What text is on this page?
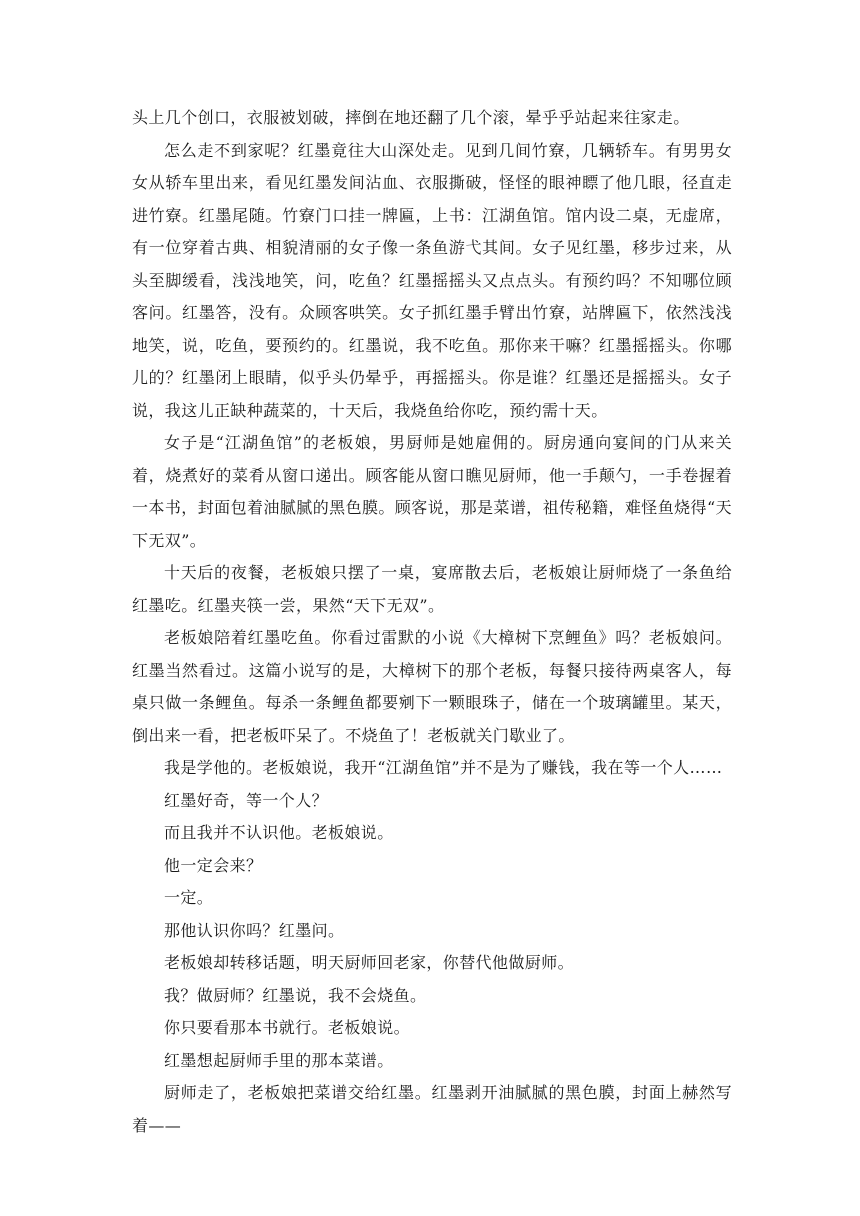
头上几个创口，衣服被划破，摔倒在地还翻了几个滚，晕乎乎站起来往家走。

怎么走不到家呢？红墨竟往大山深处走。见到几间竹寮，几辆轿车。有男男女女从轿车里出来，看见红墨发间沾血、衣服撕破，怪怪的眼神瞟了他几眼，径直走进竹寮。红墨尾随。竹寮门口挂一牌匾，上书：江湖鱼馆。馆内设二桌，无虚席，有一位穿着古典、相貌清丽的女子像一条鱼游弋其间。女子见红墨，移步过来，从头至脚缓看，浅浅地笑，问，吃鱼？红墨摇摇头又点点头。有预约吗？不知哪位顾客问。红墨答，没有。众顾客哄笑。女子抓红墨手臂出竹寮，站牌匾下，依然浅浅地笑，说，吃鱼，要预约的。红墨说，我不吃鱼。那你来干嘛？红墨摇摇头。你哪儿的？红墨闭上眼睛，似乎头仍晕乎，再摇摇头。你是谁？红墨还是摇摇头。女子说，我这儿正缺种蔬菜的，十天后，我烧鱼给你吃，预约需十天。

女子是“江湖鱼馆”的老板娘，男厨师是她雇佣的。厨房通向宴间的门从来关着，烧煮好的菜肴从窗口递出。顾客能从窗口瞧见厨师，他一手颠勺，一手卷握着一本书，封面包着油腻腻的黑色膜。顾客说，那是菜谱，祖传秘籍，难怪鱼烧得“天下无双”。

十天后的夜餐，老板娘只摆了一桌，宴席散去后，老板娘让厨师烧了一条鱼给红墨吃。红墨夹筷一尝，果然“天下无双”。

老板娘陪着红墨吃鱼。你看过雷默的小说《大樟树下烹鲤鱼》吗？老板娘问。红墨当然看过。这篇小说写的是，大樟树下的那个老板，每餐只接待两桌客人，每桌只做一条鲤鱼。每杀一条鲤鱼都要剜下一颗眼珠子，储在一个玻璃罐里。某天，倒出来一看，把老板吓呆了。不烧鱼了！老板就关门歇业了。

我是学他的。老板娘说，我开“江湖鱼馆”并不是为了赚钱，我在等一个人……

红墨好奇，等一个人？

而且我并不认识他。老板娘说。

他一定会来？

一定。

那他认识你吗？红墨问。

老板娘却转移话题，明天厨师回老家，你替代他做厨师。

我？做厨师？红墨说，我不会烧鱼。

你只要看那本书就行。老板娘说。

红墨想起厨师手里的那本菜谱。

厨师走了，老板娘把菜谱交给红墨。红墨剥开油腻腻的黑色膜，封面上赫然写着——
